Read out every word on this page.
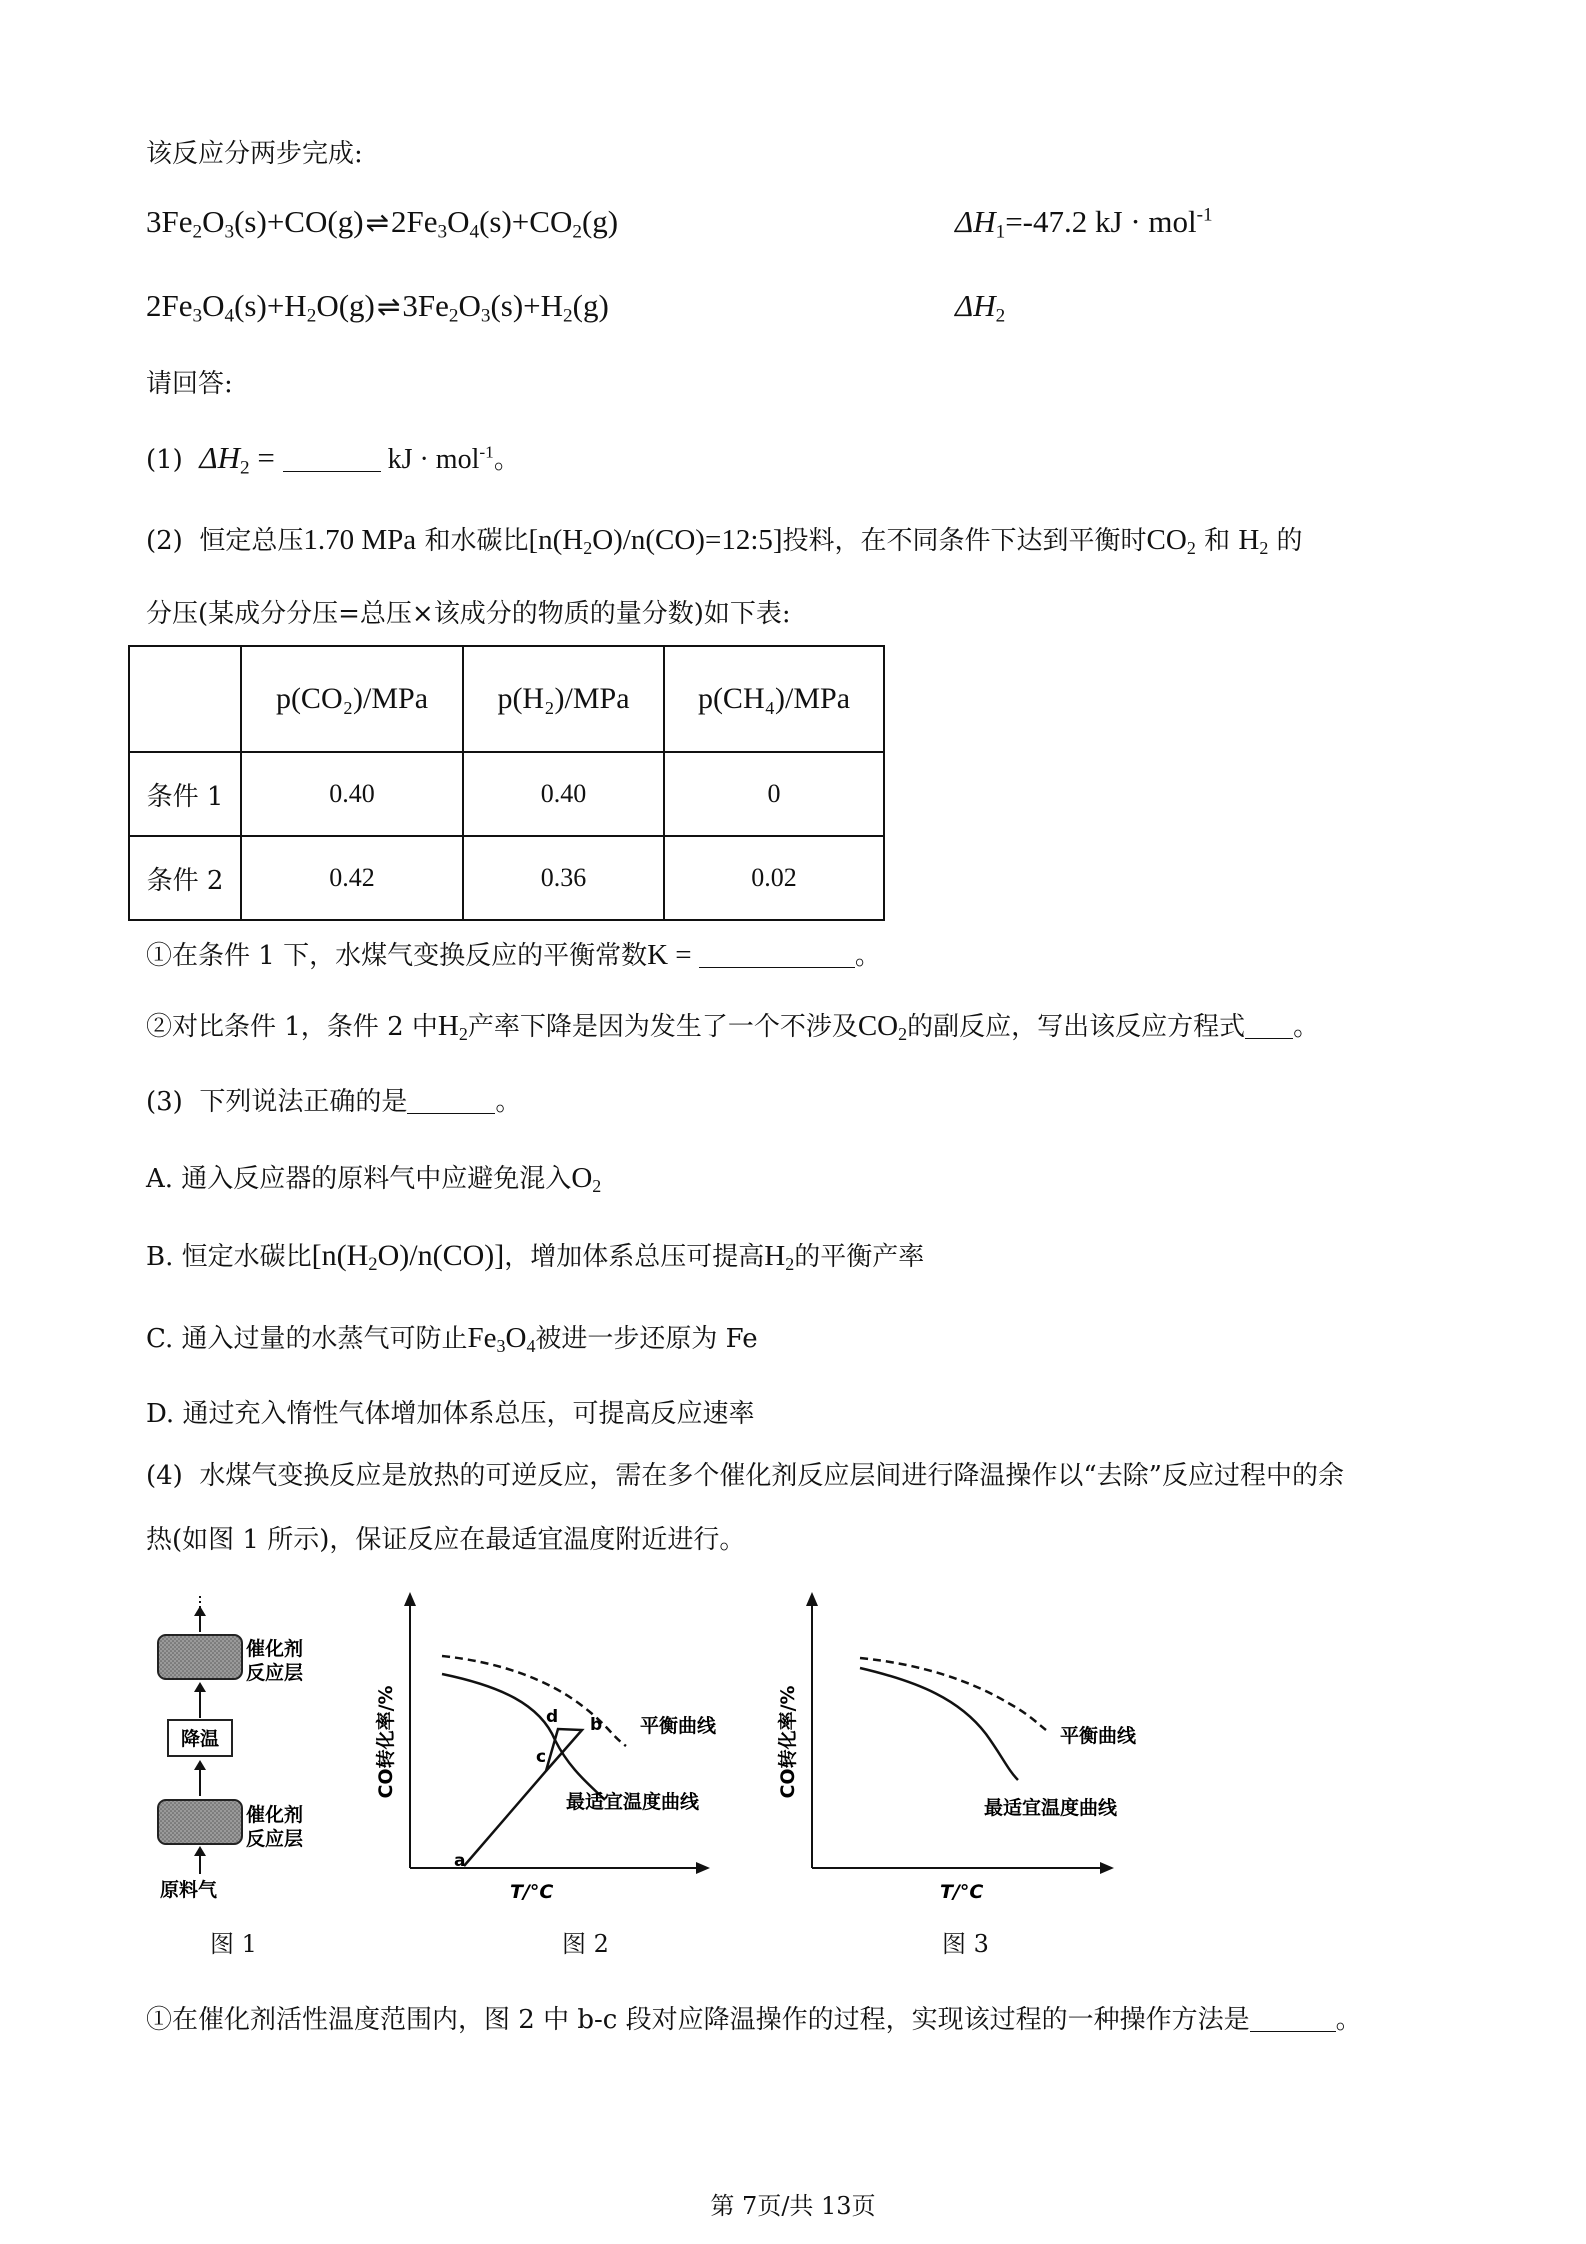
该反应分两步完成:
$3Fe_2O_3(s)+CO(g)\rightleftharpoons 2Fe_3O_4(s)+CO_2(g)$	$\Delta H_1=-47.2$ kJ · mol$^{-1}$
$2Fe_3O_4(s)+H_2O(g)\rightleftharpoons 3Fe_2O_3(s)+H_2(g)$	$\Delta H_2$
请回答:
(1) $\Delta H_2$ =	kJ · mol$^{-1}$。
(2) 恒定总压1.70 MPa 和水碳比$[n(H_2O)/n(CO)=12:5]$投料，在不同条件下达到平衡时$CO_2$ 和 $H_2$ 的
分压(某成分分压=总压×该成分的物质的量分数)如下表:
	p(CO₂)/MPa	p(H₂)/MPa	p(CH₄)/MPa
条件 1	0.40	0.40	0
条件 2	0.42	0.36	0.02
①在条件 1 下，水煤气变换反应的平衡常数K =	。
②对比条件 1，条件 2 中$H_2$产率下降是因为发生了一个不涉及$CO_2$的副反应，写出该反应方程式 。
(3) 下列说法正确的是	。
A. 通入反应器的原料气中应避免混入$O_2$
B. 恒定水碳比$[n(H_2O)/n(CO)]$，增加体系总压可提高$H_2$的平衡产率
C. 通入过量的水蒸气可防止$Fe_3O_4$被进一步还原为 Fe
D. 通过充入惰性气体增加体系总压，可提高反应速率
(4) 水煤气变换反应是放热的可逆反应，需在多个催化剂反应层间进行降温操作以“去除”反应过程中的余
热(如图 1 所示)，保证反应在最适宜温度附近进行。
催化剂
反应层
降温
催化剂
反应层
原料气
图 1
CO转化率/%
T/°C
a
b
c
d	平衡曲线
最适宜温度曲线
图 2
CO转化率/%
T/°C
平衡曲线
最适宜温度曲线
图 3
①在催化剂活性温度范围内，图 2 中 b-c 段对应降温操作的过程，实现该过程的一种操作方法是	。
第 7页/共 13页
